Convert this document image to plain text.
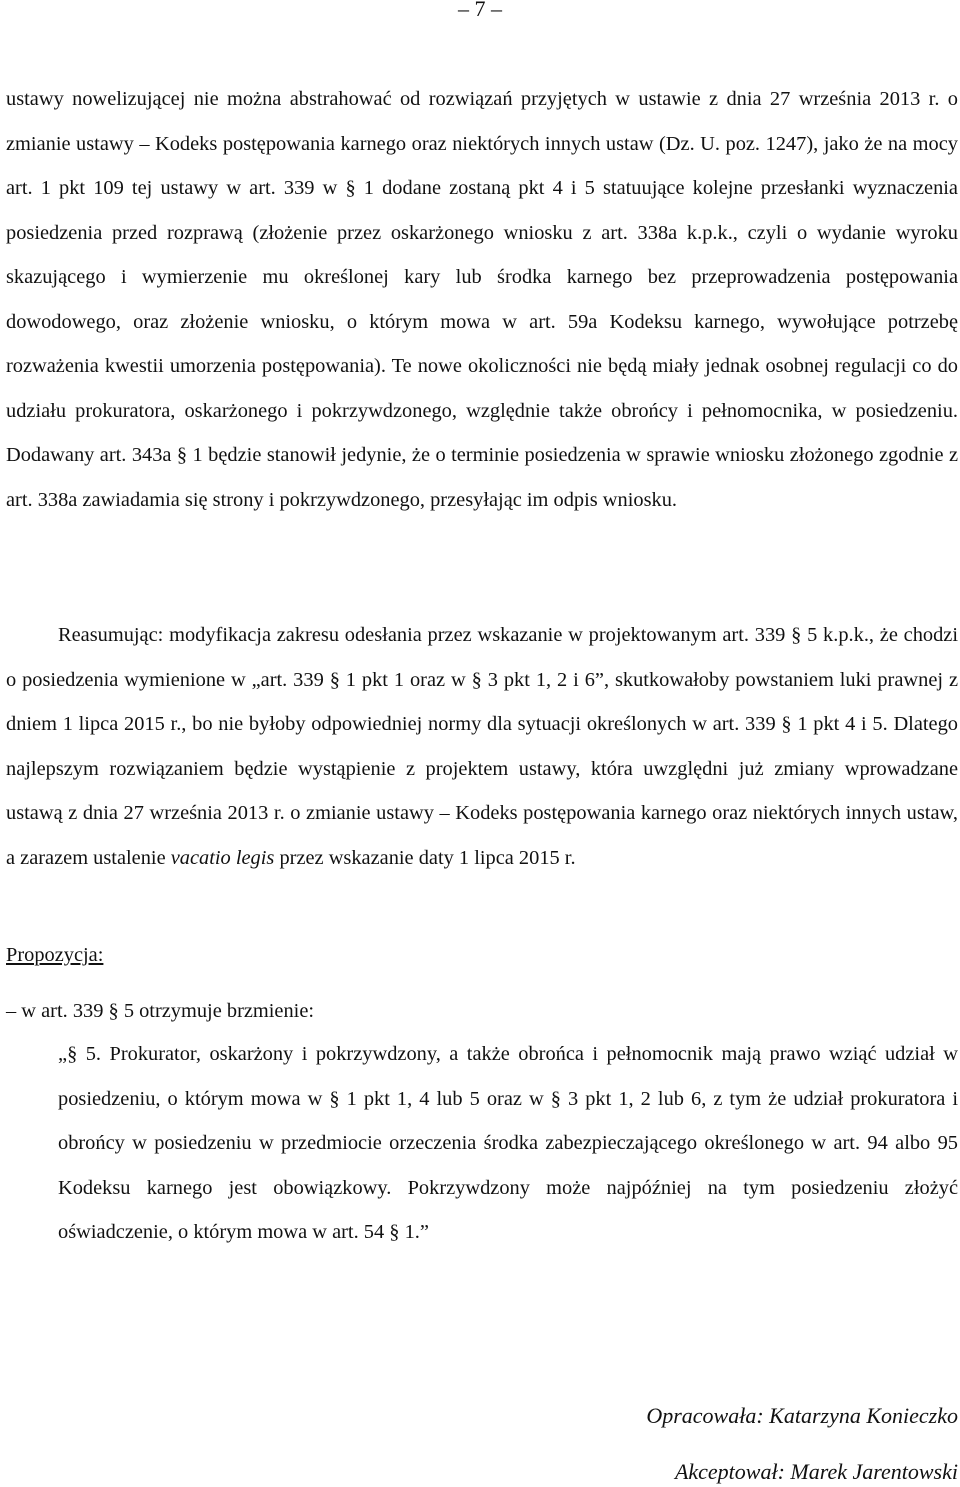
– 7 –
ustawy nowelizującej nie można abstrahować od rozwiązań przyjętych w ustawie z dnia 27 września 2013 r. o zmianie ustawy – Kodeks postępowania karnego oraz niektórych innych ustaw (Dz. U. poz. 1247), jako że na mocy art. 1 pkt 109 tej ustawy w art. 339 w § 1 dodane zostaną pkt 4 i 5 statuujące kolejne przesłanki wyznaczenia posiedzenia przed rozprawą (złożenie przez oskarżonego wniosku z art. 338a k.p.k., czyli o wydanie wyroku skazującego i wymierzenie mu określonej kary lub środka karnego bez przeprowadzenia postępowania dowodowego, oraz złożenie wniosku, o którym mowa w art. 59a Kodeksu karnego, wywołujące potrzebę rozważenia kwestii umorzenia postępowania). Te nowe okoliczności nie będą miały jednak osobnej regulacji co do udziału prokuratora, oskarżonego i pokrzywdzonego, względnie także obrońcy i pełnomocnika, w posiedzeniu. Dodawany art. 343a § 1 będzie stanowił jedynie, że o terminie posiedzenia w sprawie wniosku złożonego zgodnie z art. 338a zawiadamia się strony i pokrzywdzonego, przesyłając im odpis wniosku.
Reasumując: modyfikacja zakresu odesłania przez wskazanie w projektowanym art. 339 § 5 k.p.k., że chodzi o posiedzenia wymienione w „art. 339 § 1 pkt 1 oraz w § 3 pkt 1, 2 i 6”, skutkowałoby powstaniem luki prawnej z dniem 1 lipca 2015 r., bo nie byłoby odpowiedniej normy dla sytuacji określonych w art. 339 § 1 pkt 4 i 5. Dlatego najlepszym rozwiązaniem będzie wystąpienie z projektem ustawy, która uwzględni już zmiany wprowadzane ustawą z dnia 27 września 2013 r. o zmianie ustawy – Kodeks postępowania karnego oraz niektórych innych ustaw, a zarazem ustalenie vacatio legis przez wskazanie daty 1 lipca 2015 r.
Propozycja:
– w art. 339 § 5 otrzymuje brzmienie:
„§ 5. Prokurator, oskarżony i pokrzywdzony, a także obrońca i pełnomocnik mają prawo wziąć udział w posiedzeniu, o którym mowa w § 1 pkt 1, 4 lub 5 oraz w § 3 pkt 1, 2 lub 6, z tym że udział prokuratora i obrońcy w posiedzeniu w przedmiocie orzeczenia środka zabezpieczającego określonego w art. 94 albo 95 Kodeksu karnego jest obowiązkowy. Pokrzywdzony może najpóźniej na tym posiedzeniu złożyć oświadczenie, o którym mowa w art. 54 § 1.”
Opracowała: Katarzyna Konieczko
Akceptował: Marek Jarentowski
